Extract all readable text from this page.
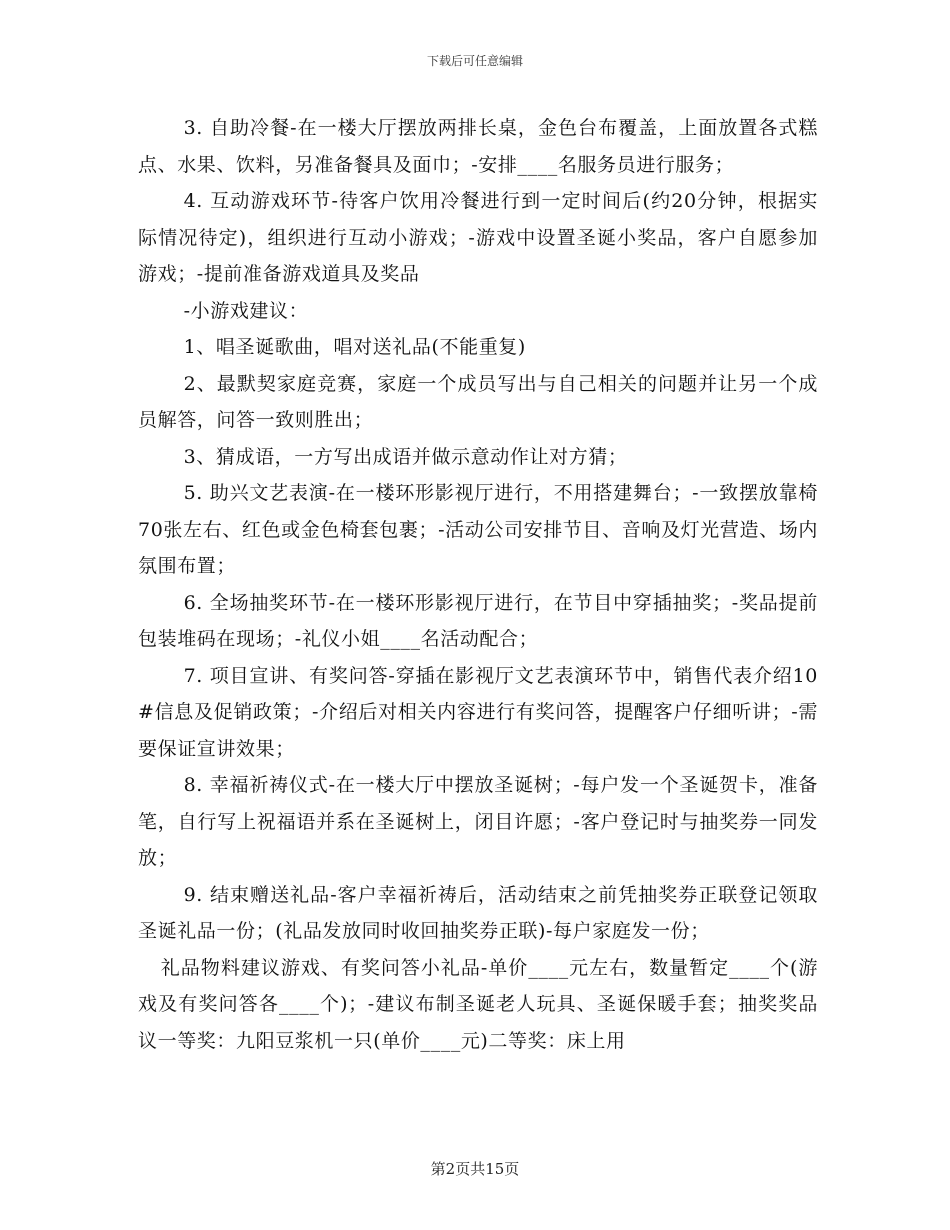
下载后可任意编辑

3. 自助冷餐-在一楼大厅摆放两排长桌，金色台布覆盖，上面放置各式糕点、水果、饮料，另准备餐具及面巾；-安排____名服务员进行服务；

4. 互动游戏环节-待客户饮用冷餐进行到一定时间后(约20分钟，根据实际情况待定)，组织进行互动小游戏；-游戏中设置圣诞小奖品，客户自愿参加游戏；-提前准备游戏道具及奖品

-小游戏建议：

1、唱圣诞歌曲，唱对送礼品(不能重复)

2、最默契家庭竞赛，家庭一个成员写出与自己相关的问题并让另一个成员解答，问答一致则胜出；

3、猜成语，一方写出成语并做示意动作让对方猜；

5. 助兴文艺表演-在一楼环形影视厅进行，不用搭建舞台；-一致摆放靠椅70张左右、红色或金色椅套包裹；-活动公司安排节目、音响及灯光营造、场内氛围布置；

6. 全场抽奖环节-在一楼环形影视厅进行，在节目中穿插抽奖；-奖品提前包装堆码在现场；-礼仪小姐____名活动配合；

7. 项目宣讲、有奖问答-穿插在影视厅文艺表演环节中，销售代表介绍10#信息及促销政策；-介绍后对相关内容进行有奖问答，提醒客户仔细听讲；-需要保证宣讲效果；

8. 幸福祈祷仪式-在一楼大厅中摆放圣诞树；-每户发一个圣诞贺卡，准备笔，自行写上祝福语并系在圣诞树上，闭目许愿；-客户登记时与抽奖券一同发放；

9. 结束赠送礼品-客户幸福祈祷后，活动结束之前凭抽奖券正联登记领取圣诞礼品一份；(礼品发放同时收回抽奖券正联)-每户家庭发一份；

礼品物料建议游戏、有奖问答小礼品-单价____元左右，数量暂定____个(游戏及有奖问答各____个)；-建议布制圣诞老人玩具、圣诞保暖手套；抽奖奖品议一等奖：九阳豆浆机一只(单价____元)二等奖：床上用

第2页共15页
